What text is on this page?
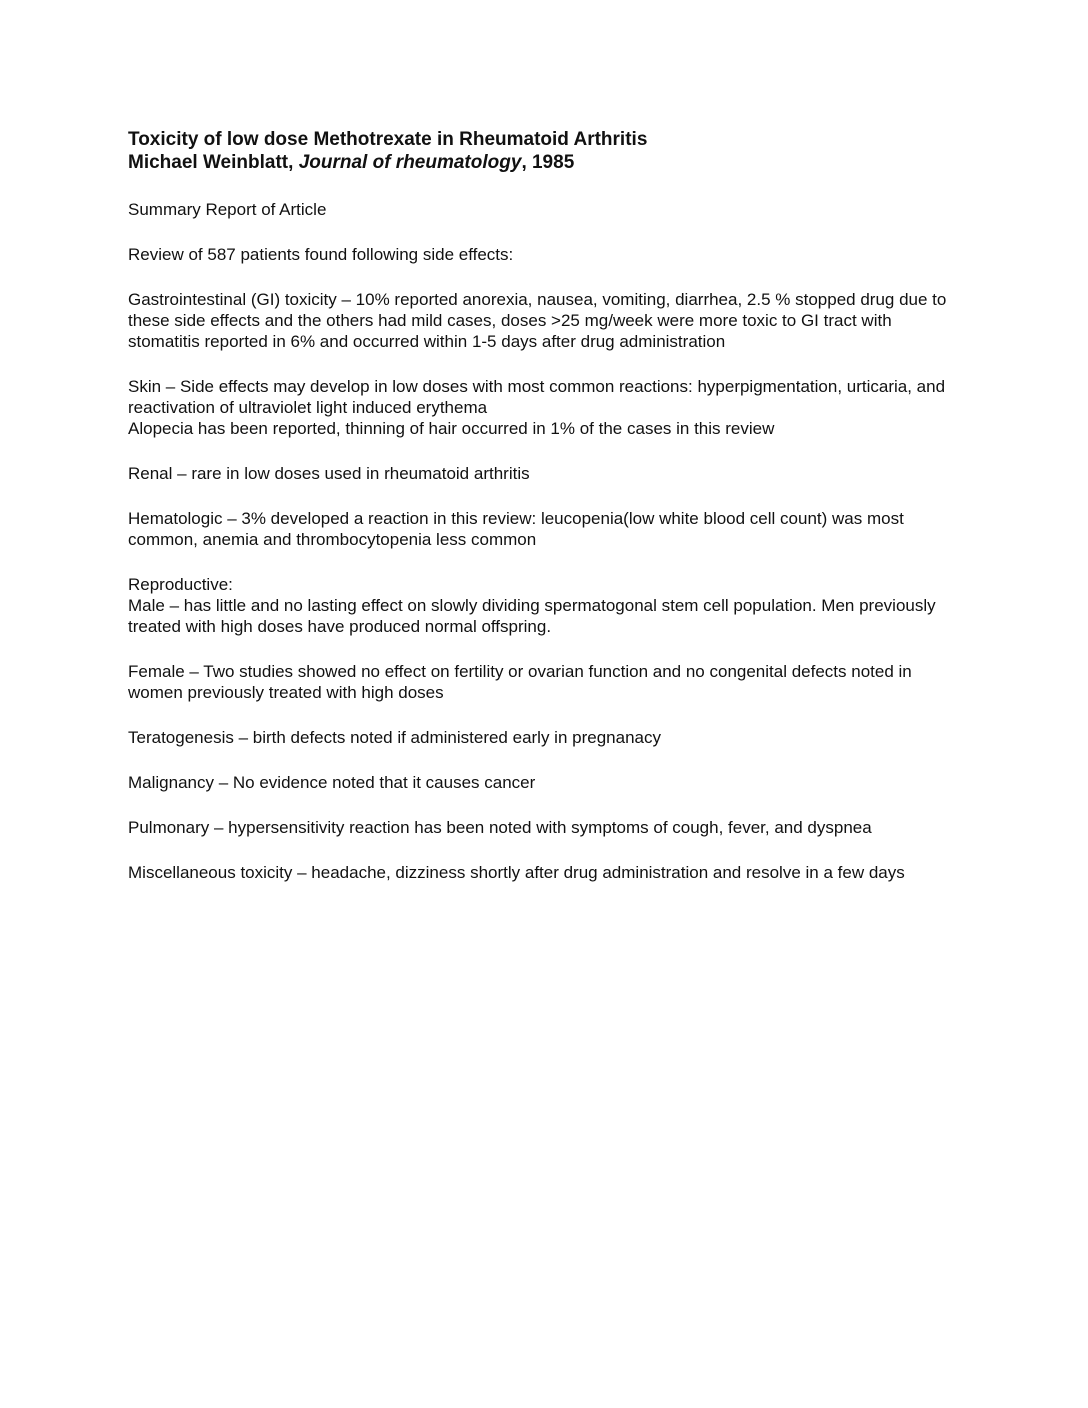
Toxicity of low dose Methotrexate in Rheumatoid Arthritis
Michael Weinblatt, Journal of rheumatology, 1985

Summary Report of Article

Review of 587 patients found following side effects:

Gastrointestinal (GI) toxicity – 10% reported anorexia, nausea, vomiting, diarrhea, 2.5 % stopped drug due to these side effects and the others had mild cases, doses >25 mg/week were more toxic to GI tract with stomatitis reported in 6% and occurred within 1-5 days after drug administration

Skin – Side effects may develop in low doses with most common reactions: hyperpigmentation, urticaria, and reactivation of ultraviolet light induced erythema

Alopecia has been reported, thinning of hair occurred in 1% of the cases in this review

Renal – rare in low doses used in rheumatoid arthritis

Hematologic – 3% developed a reaction in this review: leucopenia(low white blood cell count) was most common, anemia and thrombocytopenia less common

Reproductive:

Male – has little and no lasting effect on slowly dividing spermatogonal stem cell population. Men previously treated with high doses have produced normal offspring.

Female – Two studies showed no effect on fertility or ovarian function and no congenital defects noted in women previously treated with high doses

Teratogenesis – birth defects noted if administered early in pregnanacy

Malignancy – No evidence noted that it causes cancer

Pulmonary – hypersensitivity reaction has been noted with symptoms of cough, fever, and dyspnea

Miscellaneous toxicity – headache, dizziness shortly after drug administration and resolve in a few days
